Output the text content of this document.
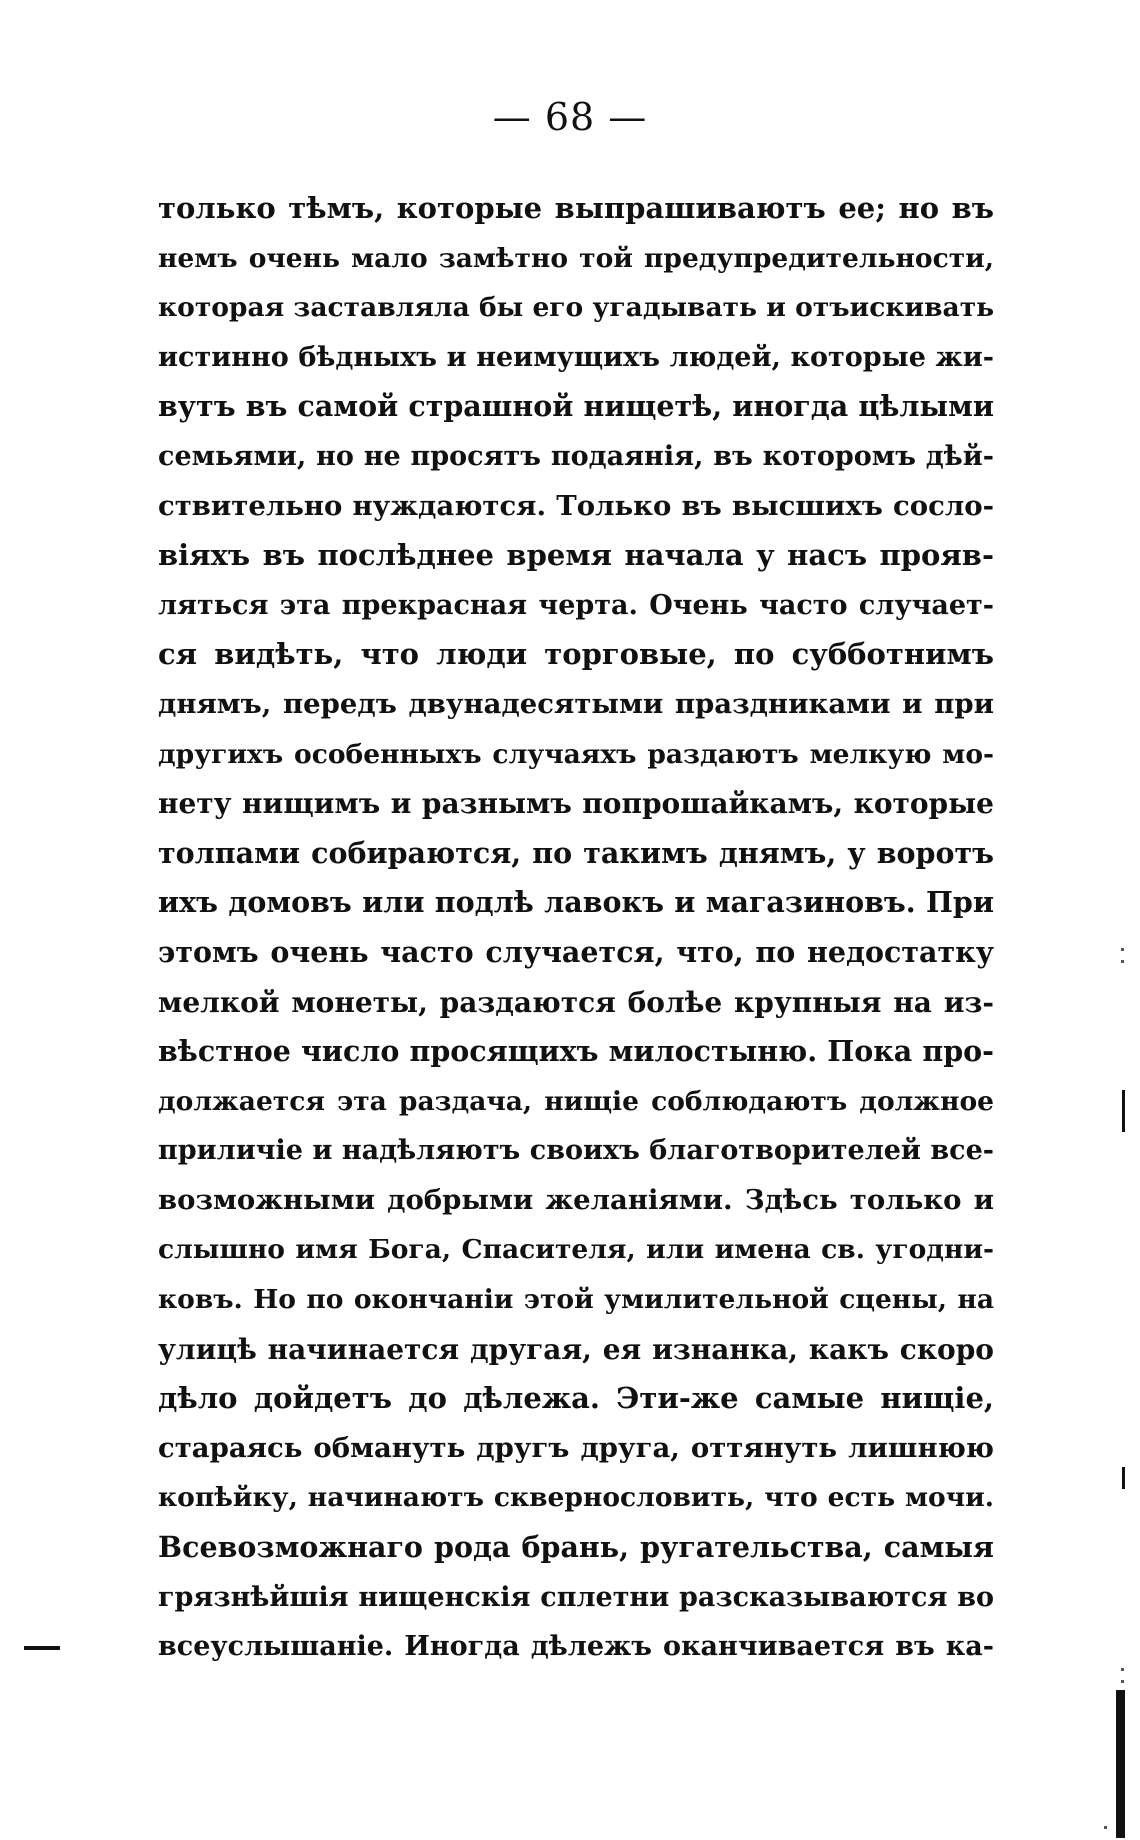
— 68 —
только тѣмъ, которые выпрашиваютъ ее; но въ
немъ очень мало замѣтно той предупредительности,
которая заставляла бы его угадывать и отъискивать
истинно бѣдныхъ и неимущихъ людей, которые жи-
вутъ въ самой страшной нищетѣ, иногда цѣлыми
семьями, но не просятъ подаянія, въ которомъ дѣй-
ствительно нуждаются. Только въ высшихъ сосло-
віяхъ въ послѣднее время начала у насъ прояв-
ляться эта прекрасная черта. Очень часто случает-
ся видѣть, что люди торговые, по субботнимъ
днямъ, передъ двунадесятыми праздниками и при
другихъ особенныхъ случаяхъ раздаютъ мелкую мо-
нету нищимъ и разнымъ попрошайкамъ, которые
толпами собираются, по такимъ днямъ, у воротъ
ихъ домовъ или подлѣ лавокъ и магазиновъ. При
этомъ очень часто случается, что, по недостатку
мелкой монеты, раздаются болѣе крупныя на из-
вѣстное число просящихъ милостыню. Пока про-
должается эта раздача, нищіе соблюдаютъ должное
приличіе и надѣляютъ своихъ благотворителей все-
возможными добрыми желаніями. Здѣсь только и
слышно имя Бога, Спасителя, или имена св. угодни-
ковъ. Но по окончаніи этой умилительной сцены, на
улицѣ начинается другая, ея изнанка, какъ скоро
дѣло дойдетъ до дѣлежа. Эти-же самые нищіе,
стараясь обмануть другъ друга, оттянуть лишнюю
копѣйку, начинаютъ сквернословить, что есть мочи.
Всевозможнаго рода брань, ругательства, самыя
грязнѣйшія нищенскія сплетни разсказываются во
всеуслышаніе. Иногда дѣлежъ оканчивается въ ка-
